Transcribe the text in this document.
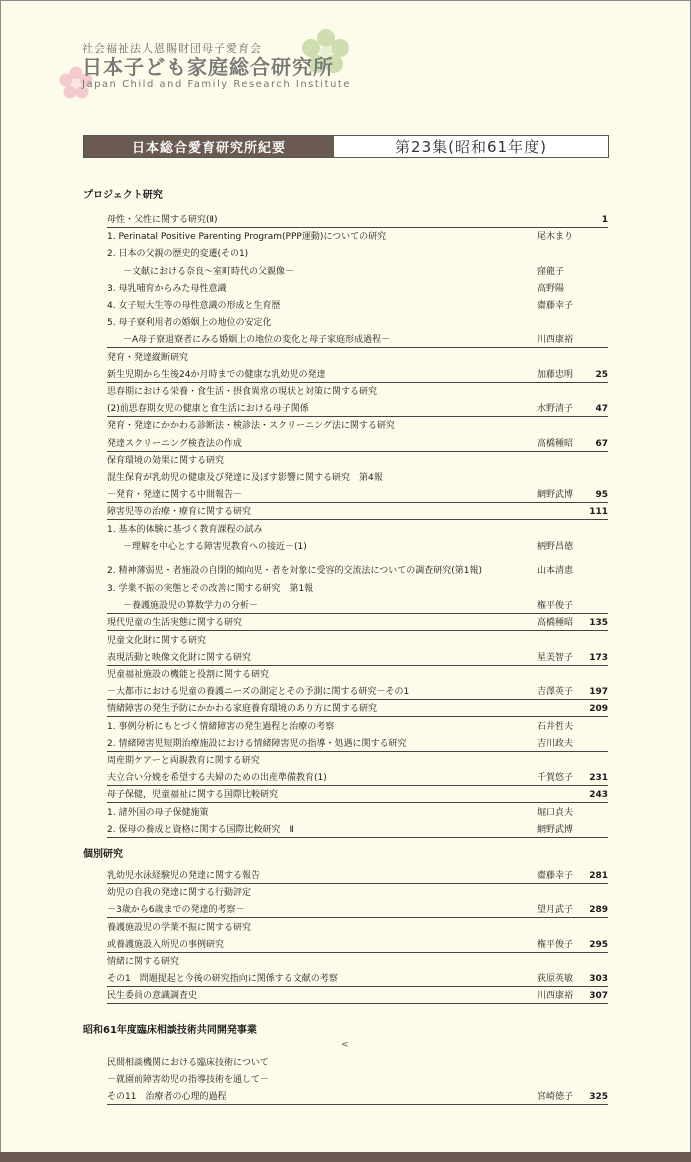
社会福祉法人恩賜財団母子愛育会
日本子ども家庭総合研究所
Japan Child and Family Research Institute
日本総合愛育研究所紀要	第23集(昭和61年度)
プロジェクト研究
個別研究
昭和61年度臨床相談技術共同開発事業
<
母性・父性に関する研究(Ⅱ)	1
1. Perinatal Positive Parenting Program(PPP運動)についての研究	尾木まり
2. 日本の父親の歴史的変遷(その1)
－文献における奈良～室町時代の父親像－	窪龍子
3. 母乳哺育からみた母性意識	高野陽
4. 女子短大生等の母性意識の形成と生育歴	齋藤幸子
5. 母子寮利用者の婚姻上の地位の安定化
－A母子寮退寮者にみる婚姻上の地位の変化と母子家庭形成過程－	川西康裕
発育・発達縦断研究
新生児期から生後24か月時までの健康な乳幼児の発達	加藤忠明 25
思春期における栄養・食生活・摂食異常の現状と対策に関する研究
(2)前思春期女児の健康と食生活における母子関係	水野清子 47
発育・発達にかかわる診断法・検診法・スクリーニング法に関する研究
発達スクリーニング検査法の作成	高橋種昭 67
保育環境の効果に関する研究
混生保育が乳幼児の健康及び発達に及ぼす影響に関する研究　第4報
－発育・発達に関する中間報告－	網野武博 95
障害児等の治療・療育に関する研究	111
1. 基本的体験に基づく教育課程の試み
－理解を中心とする障害児教育への接近－(1)	柄野昌徳
2. 精神薄弱児・者施設の自閉的傾向児・者を対象に受容的交流法についての調査研究(第1報)	山本清恵
3. 学業不振の実態とその改善に関する研究　第1報
－養護施設児の算数学力の分析－	権平俊子
現代児童の生活実態に関する研究	高橋種昭 135
児童文化財に関する研究
表現活動と映像文化財に関する研究	星美智子 173
児童福祉施設の機能と役割に関する研究
－大都市における児童の養護ニーズの測定とその予測に関する研究－その1	吉澤英子 197
情緒障害の発生予防にかかわる家庭養育環境のあり方に関する研究	209
1. 事例分析にもとづく情緒障害の発生過程と治療の考察	石井哲夫
2. 情緒障害児短期治療施設における情緒障害児の指導・処遇に関する研究	吉川政夫
周産期ケアーと両親教育に関する研究
夫立合い分娩を希望する夫婦のための出産準備教育(1)	千賀悠子 231
母子保健，児童福祉に関する国際比較研究	243
1. 諸外国の母子保健施策	堀口貞夫
2. 保母の養成と資格に関する国際比較研究　Ⅱ	網野武博
乳幼児水泳経験児の発達に関する報告	齋藤幸子 281
幼児の自我の発達に関する行動評定
－3歳から6歳までの発達的考察－	望月武子 289
養護施設児の学業不振に関する研究
或養護施設入所児の事例研究	権平俊子 295
情緒に関する研究
その1　問題提起と今後の研究指向に関係する文献の考察	荻原英敏 303
民生委員の意識調査史	川西康裕 307
民間相談機関における臨床技術について
－就園前障害幼児の指導技術を通して－
その11　治療者の心理的過程	宮崎徳子 325
